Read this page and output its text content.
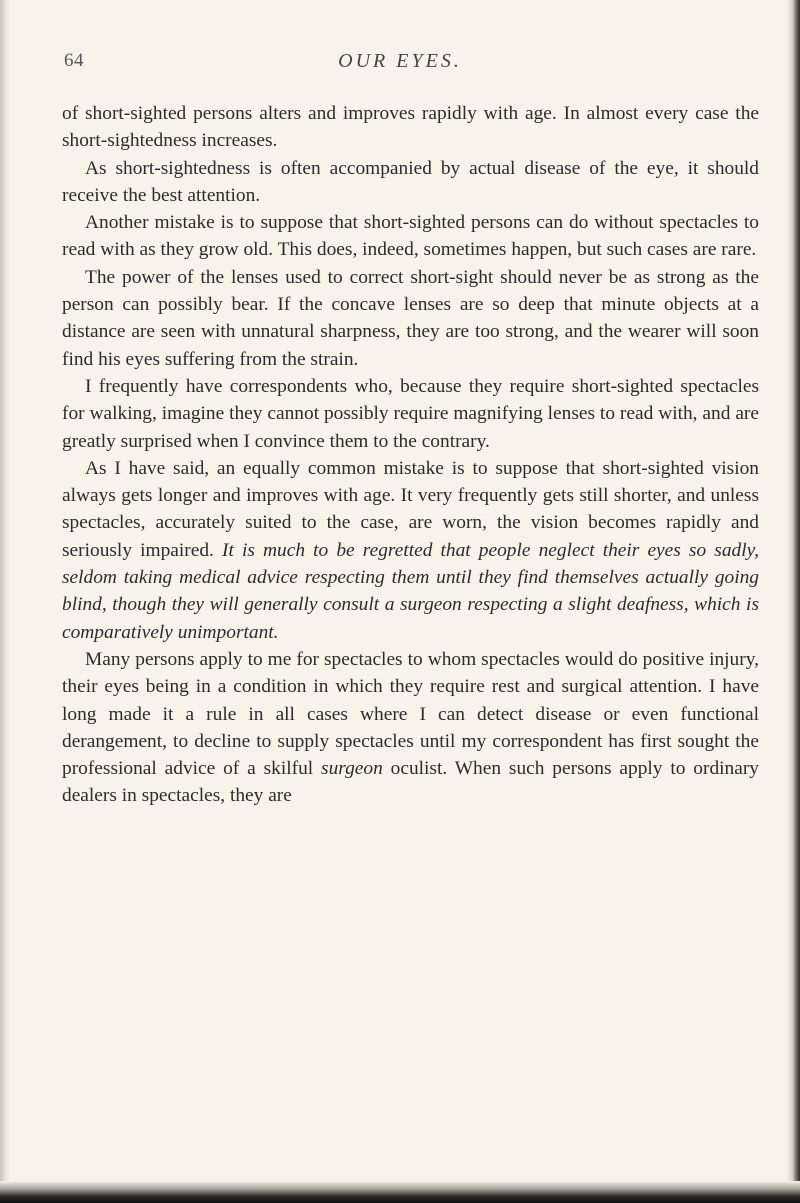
64	OUR EYES.

of short-sighted persons alters and improves rapidly with age. In almost every case the short-sightedness increases.

As short-sightedness is often accompanied by actual disease of the eye, it should receive the best attention.

Another mistake is to suppose that short-sighted persons can do without spectacles to read with as they grow old. This does, indeed, sometimes happen, but such cases are rare.

The power of the lenses used to correct short-sight should never be as strong as the person can possibly bear. If the concave lenses are so deep that minute objects at a distance are seen with unnatural sharpness, they are too strong, and the wearer will soon find his eyes suffering from the strain.

I frequently have correspondents who, because they require short-sighted spectacles for walking, imagine they cannot possibly require magnifying lenses to read with, and are greatly surprised when I convince them to the contrary.

As I have said, an equally common mistake is to suppose that short-sighted vision always gets longer and improves with age. It very frequently gets still shorter, and unless spectacles, accurately suited to the case, are worn, the vision becomes rapidly and seriously impaired. It is much to be regretted that people neglect their eyes so sadly, seldom taking medical advice respecting them until they find themselves actually going blind, though they will generally consult a surgeon respecting a slight deafness, which is comparatively unimportant.

Many persons apply to me for spectacles to whom spectacles would do positive injury, their eyes being in a condition in which they require rest and surgical attention. I have long made it a rule in all cases where I can detect disease or even functional derangement, to decline to supply spectacles until my correspondent has first sought the professional advice of a skilful surgeon oculist. When such persons apply to ordinary dealers in spectacles, they are
